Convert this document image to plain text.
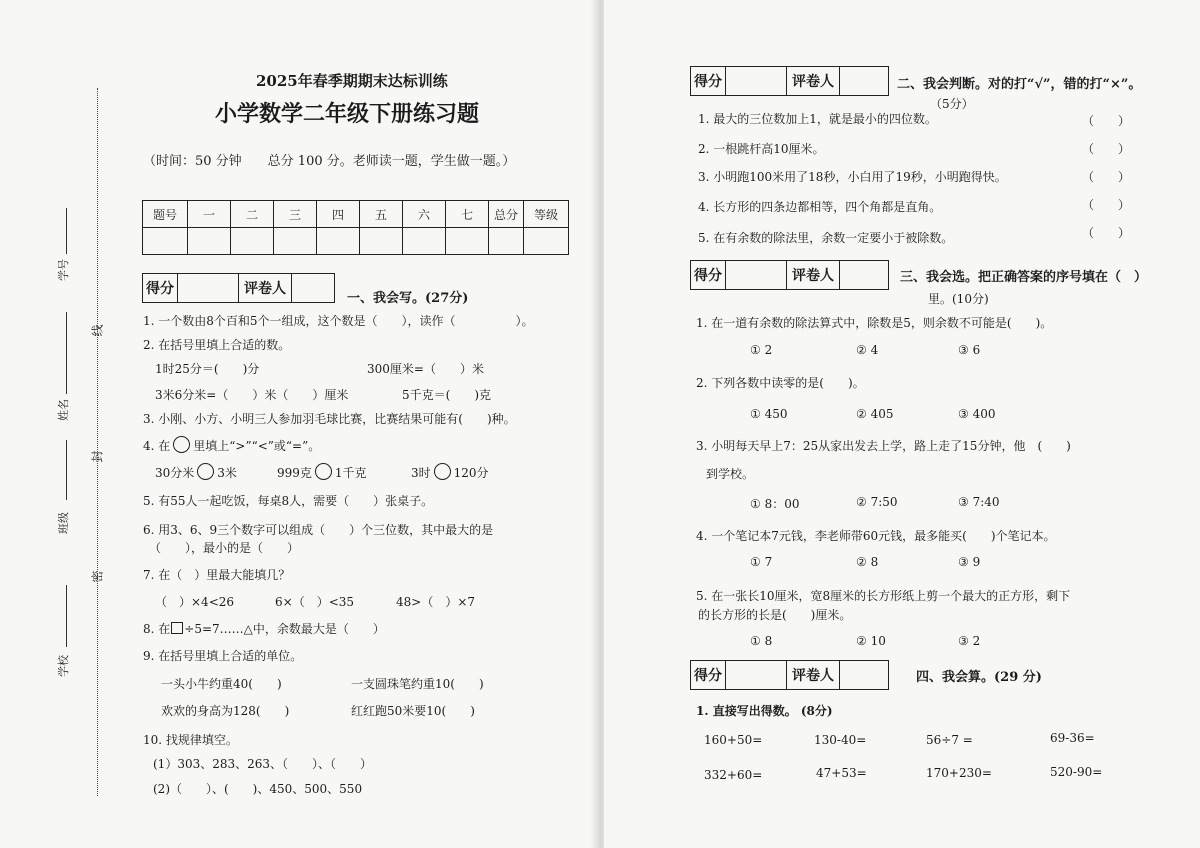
学号
姓名
班级
学校
线
封
密
2025年春季期期末达标训练
小学数学二年级下册练习题
（时间：50 分钟　　总分 100 分。老师读一题，学生做一题。）
题号	一	二	三	四	五	六	七	总分	等级

得分	评卷人
一、我会写。(27分)
1. 一个数由8个百和5个一组成，这个数是（　　），读作（　　　　　）。
2. 在括号里填上合适的数。
1时25分＝(　　)分	300厘米=（　　）米
3米6分米=（　　）米（　　）厘米	5千克＝(　　)克
3. 小刚、小方、小明三人参加羽毛球比赛，比赛结果可能有(　　)种。
4. 在 里填上“>”“<”或“=”。
30分米 3米	999克 1千克	3时 120分
5. 有55人一起吃饭，每桌8人，需要（　　）张桌子。
6. 用3、6、9三个数字可以组成（　　）个三位数，其中最大的是
（　　），最小的是（　　）
7. 在（　）里最大能填几？
（　）×4<26	6×（　）<35	48>（　）×7
8. 在 ÷5=7……△中，余数最大是（　　）
9. 在括号里填上合适的单位。
一头小牛约重40(　　)	一支圆珠笔约重10(　　)
欢欢的身高为128(　　)	红红跑50米要10(　　)
10. 找规律填空。
(1）303、283、263、（　　）、（　　）
(2)（　　）、(　　)、450、500、550
得分	评卷人	二、我会判断。对的打“√”，错的打“×”。
（5分）
1. 最大的三位数加上1，就是最小的四位数。	（　　）
2. 一根跳杆高10厘米。	（　　）
3. 小明跑100米用了18秒，小白用了19秒，小明跑得快。	（　　）
4. 长方形的四条边都相等，四个角都是直角。	（　　）
5. 在有余数的除法里，余数一定要小于被除数。	（　　）
得分	评卷人	三、我会选。把正确答案的序号填在（　）
里。(10分)
1. 在一道有余数的除法算式中，除数是5，则余数不可能是(　　)。
① 2	② 4	③ 6
2. 下列各数中读零的是(　　)。
① 450	② 405	③ 400
3. 小明每天早上7：25从家出发去上学，路上走了15分钟，他　(　　)
到学校。
① 8：00	② 7:50	③ 7:40
4. 一个笔记本7元钱，李老师带60元钱，最多能买(　　)个笔记本。
① 7	② 8	③ 9
5. 在一张长10厘米，宽8厘米的长方形纸上剪一个最大的正方形，剩下
的长方形的长是(　　)厘米。
① 8	② 10	③ 2
得分	评卷人	四、我会算。(29 分)
1. 直接写出得数。 (8分)
160+50=	130-40=	56÷7 =	69-36=
332+60=	47+53=	170+230=	520-90=
